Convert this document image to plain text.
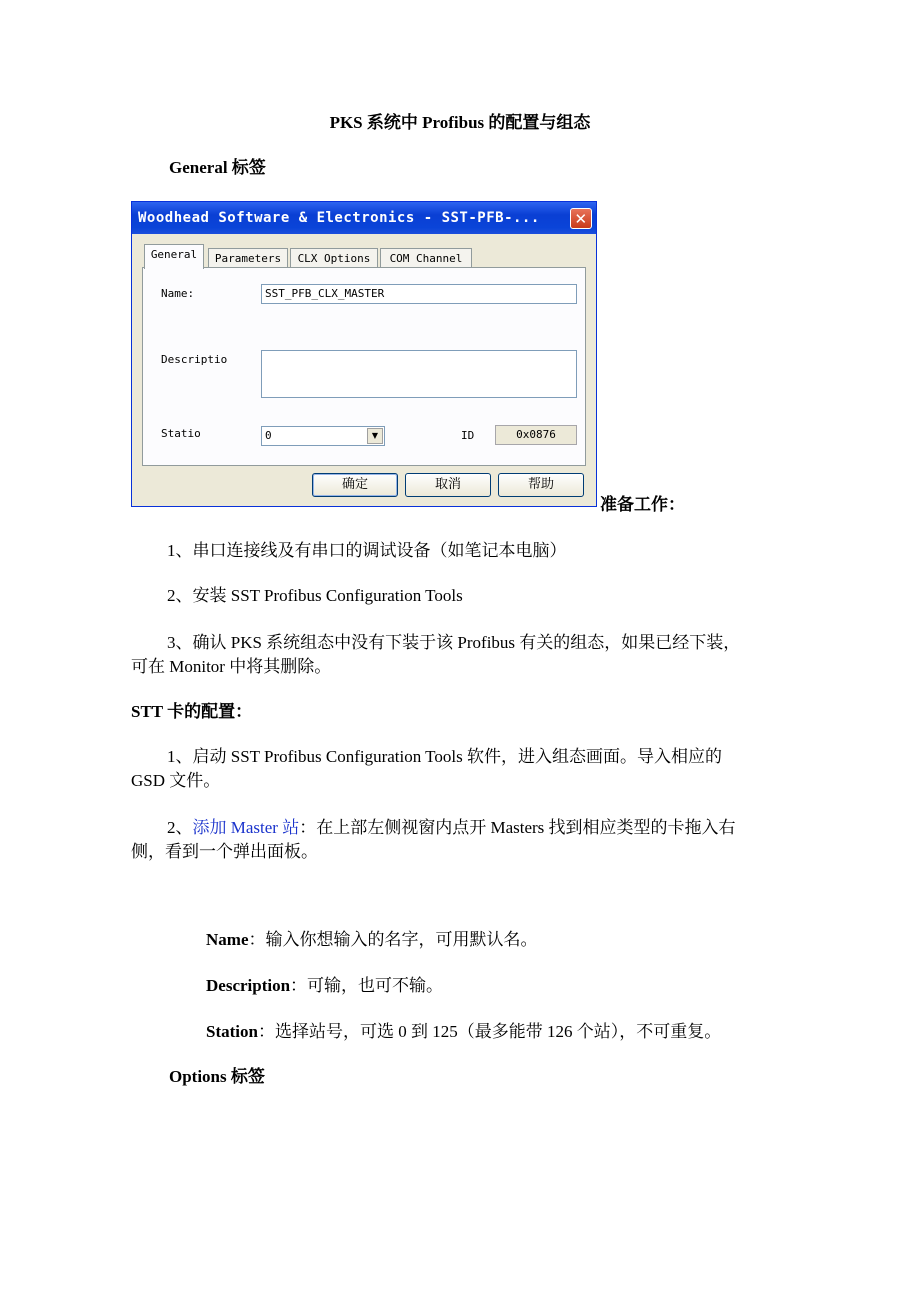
PKS 系统中 Profibus 的配置与组态
General 标签
Woodhead Software & Electronics - SST-PFB-... ✕
General	Parameters	CLX Options	COM Channel
Name:	SST_PFB_CLX_MASTER
Descriptio
Statio	0	▼	ID	0x0876
确定	取消	帮助
准备工作：
1、串口连接线及有串口的调试设备（如笔记本电脑）
2、安装 SST Profibus Configuration Tools
3、确认 PKS 系统组态中没有下装于该 Profibus 有关的组态，如果已经下装，
可在 Monitor 中将其删除。
STT 卡的配置：
1、启动 SST Profibus Configuration Tools 软件，进入组态画面。导入相应的
GSD 文件。
2、添加 Master 站：在上部左侧视窗内点开 Masters 找到相应类型的卡拖入右
侧，看到一个弹出面板。
Name：输入你想输入的名字，可用默认名。
Description：可输，也可不输。
Station：选择站号，可选 0 到 125（最多能带 126 个站），不可重复。
Options 标签
